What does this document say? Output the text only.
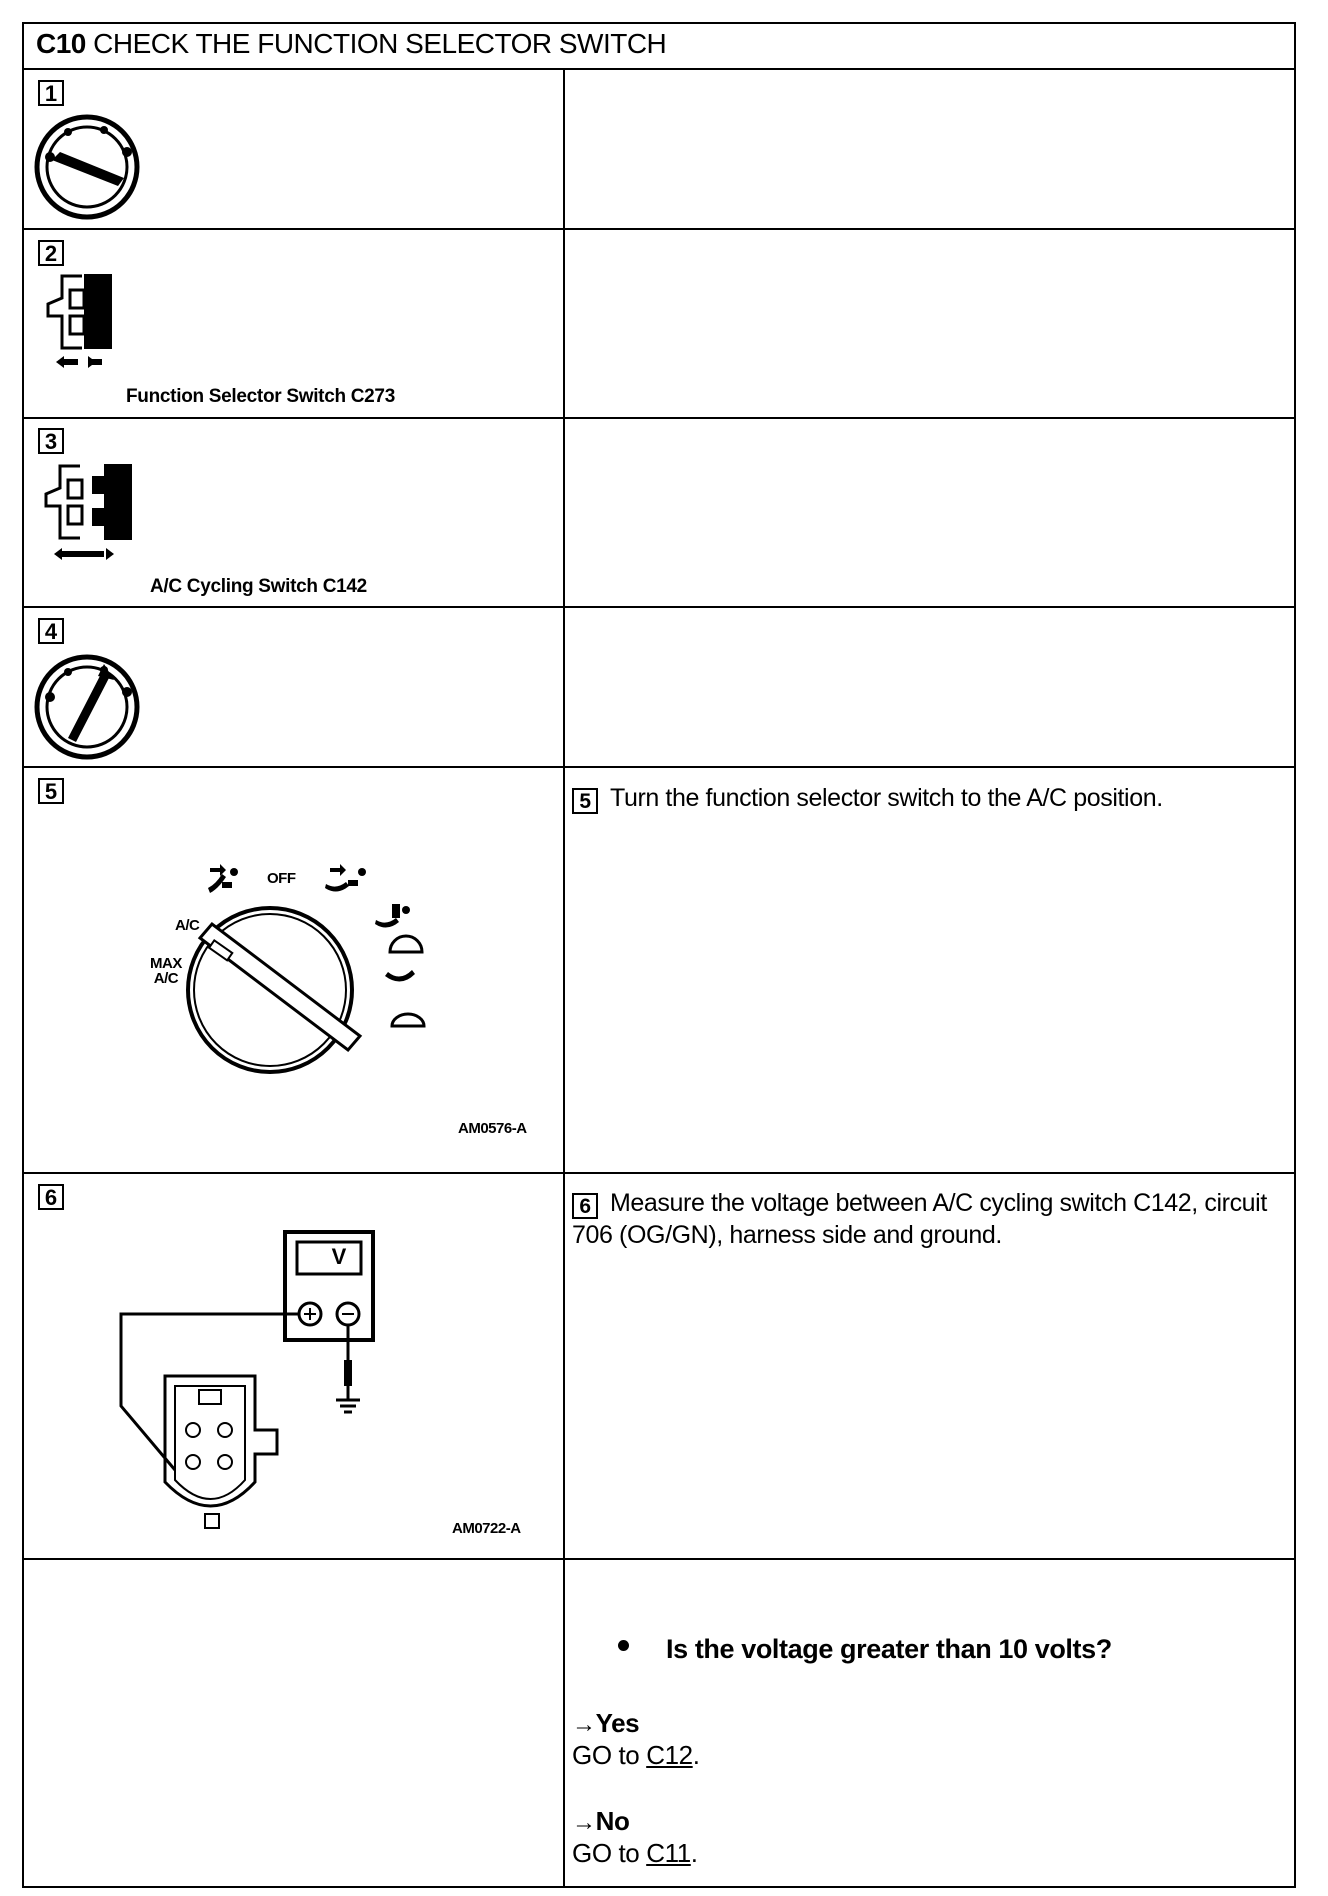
C10 CHECK THE FUNCTION SELECTOR SWITCH
1
2
Function Selector Switch C273
3
A/C Cycling Switch C142
4
5
OFF
A/C
MAX
A/C
AM0576-A
5 Turn the function selector switch to the A/C position.
6
V
AM0722-A
6 Measure the voltage between A/C cycling switch C142, circuit 706 (OG/GN), harness side and ground.
Is the voltage greater than 10 volts?
→Yes
GO to C12.
→No
GO to C11.
